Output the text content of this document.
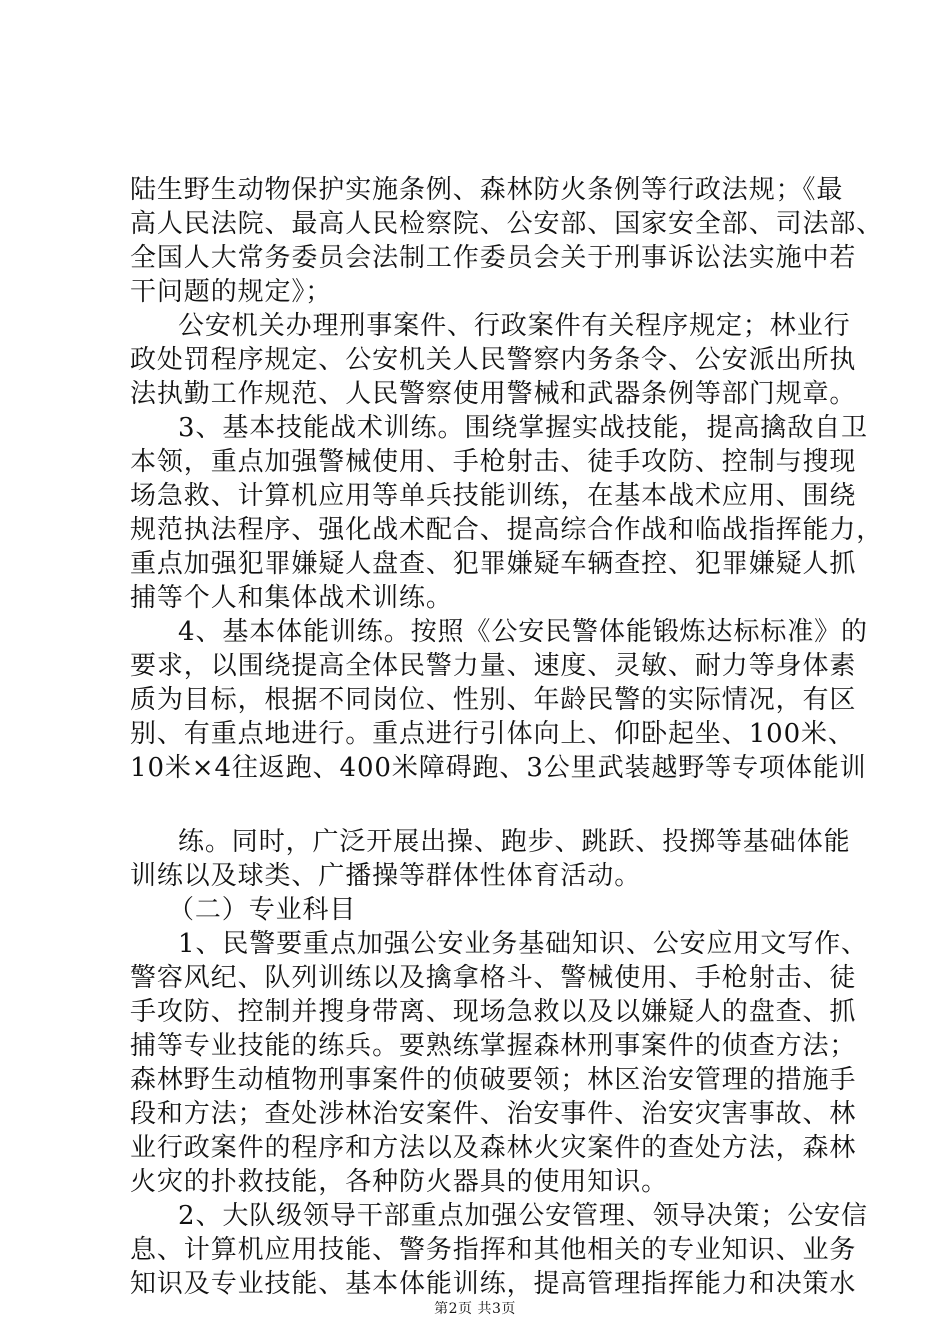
陆生野生动物保护实施条例、森林防火条例等行政法规；《最
高人民法院、最高人民检察院、公安部、国家安全部、司法部、
全国人大常务委员会法制工作委员会关于刑事诉讼法实施中若
干问题的规定》；
公安机关办理刑事案件、行政案件有关程序规定；林业行
政处罚程序规定、公安机关人民警察内务条令、公安派出所执
法执勤工作规范、人民警察使用警械和武器条例等部门规章。
3、基本技能战术训练。围绕掌握实战技能，提高擒敌自卫
本领，重点加强警械使用、手枪射击、徒手攻防、控制与搜现
场急救、计算机应用等单兵技能训练，在基本战术应用、围绕
规范执法程序、强化战术配合、提高综合作战和临战指挥能力，
重点加强犯罪嫌疑人盘查、犯罪嫌疑车辆查控、犯罪嫌疑人抓
捕等个人和集体战术训练。
4、基本体能训练。按照《公安民警体能锻炼达标标准》的
要求，以围绕提高全体民警力量、速度、灵敏、耐力等身体素
质为目标，根据不同岗位、性别、年龄民警的实际情况，有区
别、有重点地进行。重点进行引体向上、仰卧起坐、100米、
10米×4往返跑、400米障碍跑、3公里武装越野等专项体能训
练。同时，广泛开展出操、跑步、跳跃、投掷等基础体能
训练以及球类、广播操等群体性体育活动。
（二）专业科目
1、民警要重点加强公安业务基础知识、公安应用文写作、
警容风纪、队列训练以及擒拿格斗、警械使用、手枪射击、徒
手攻防、控制并搜身带离、现场急救以及以嫌疑人的盘查、抓
捕等专业技能的练兵。要熟练掌握森林刑事案件的侦查方法；
森林野生动植物刑事案件的侦破要领；林区治安管理的措施手
段和方法；查处涉林治安案件、治安事件、治安灾害事故、林
业行政案件的程序和方法以及森林火灾案件的查处方法，森林
火灾的扑救技能，各种防火器具的使用知识。
2、大队级领导干部重点加强公安管理、领导决策；公安信
息、计算机应用技能、警务指挥和其他相关的专业知识、业务
知识及专业技能、基本体能训练，提高管理指挥能力和决策水
第2页 共3页
